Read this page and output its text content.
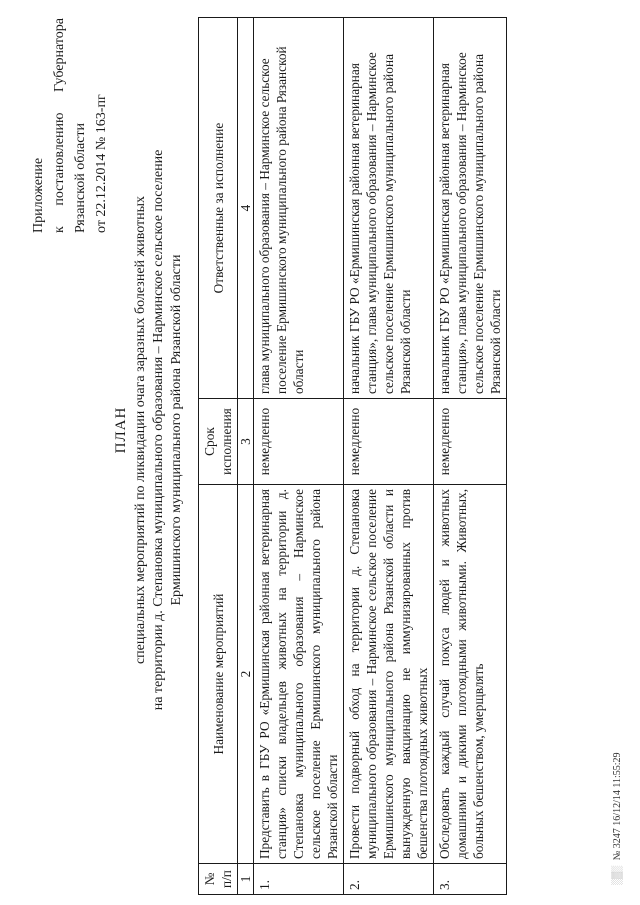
Приложение к
постановлению
Губернатора
Рязанской области от 22.12.2014 № 163-пг
ПЛАН специальных мероприятий по ликвидации очага заразных болезней животных на территории д. Степановка муниципального образования – Нарминское сельское поселение Ермишинского муниципального района Рязанской области
№ п/п	Наименование мероприятий	Срок исполнения	Ответственные за исполнение
1	2	3	4
1.	Представить в ГБУ РО «Ермишинская районная ветеринарная станция» списки владельцев животных на территории д. Степановка муниципального образования – Нарминское сельское поселение Ермишинского муниципального района Рязанской области	немедленно	глава муниципального образования – Нарминское сельское поселение Ермишинского муниципального района Рязанской области
2.	Провести подворный обход на территории д. Степановка муниципального образования – Нарминское сельское поселение Ермишинского муниципального района Рязанской области и вынужденную вакцинацию не иммунизированных против бешенства плотоядных животных	немедленно	начальник ГБУ РО «Ермишинская районная ветеринарная станция», глава муниципального образования – Нарминское сельское поселение Ермишинского муниципального района Рязанской области
3.	Обследовать каждый случай покуса людей и животных домашними и дикими плотоядными животными. Животных, больных бешенством, умерщвлять	немедленно	начальник ГБУ РО «Ермишинская районная ветеринарная станция», глава муниципального образования – Нарминское сельское поселение Ермишинского муниципального района Рязанской области
░▒░ № 3247 16/12/14 11:55:29
